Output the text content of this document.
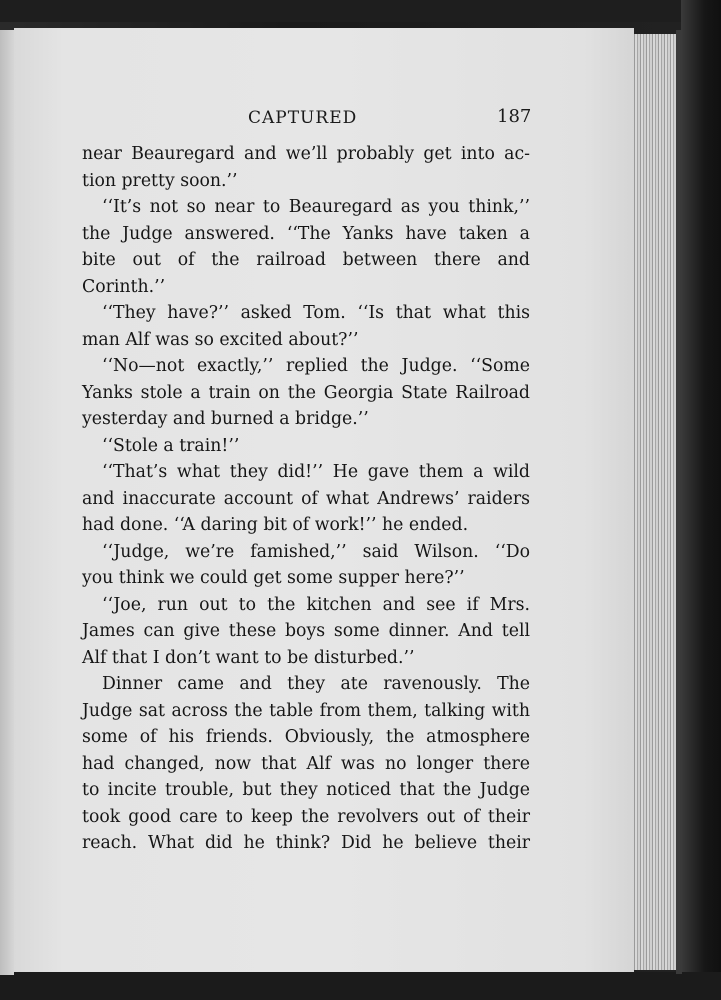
CAPTURED	187
near Beauregard and we’ll probably get into ac-
tion pretty soon.’’
‘‘It’s not so near to Beauregard as you think,’’
the Judge answered. ‘‘The Yanks have taken a
bite out of the railroad between there and
Corinth.’’
‘‘They have?’’ asked Tom. ‘‘Is that what this
man Alf was so excited about?’’
‘‘No—not exactly,’’ replied the Judge. ‘‘Some
Yanks stole a train on the Georgia State Railroad
yesterday and burned a bridge.’’
‘‘Stole a train!’’
‘‘That’s what they did!’’ He gave them a wild
and inaccurate account of what Andrews’ raiders
had done. ‘‘A daring bit of work!’’ he ended.
‘‘Judge, we’re famished,’’ said Wilson. ‘‘Do
you think we could get some supper here?’’
‘‘Joe, run out to the kitchen and see if Mrs.
James can give these boys some dinner. And tell
Alf that I don’t want to be disturbed.’’
Dinner came and they ate ravenously. The
Judge sat across the table from them, talking with
some of his friends. Obviously, the atmosphere
had changed, now that Alf was no longer there
to incite trouble, but they noticed that the Judge
took good care to keep the revolvers out of their
reach. What did he think? Did he believe their
